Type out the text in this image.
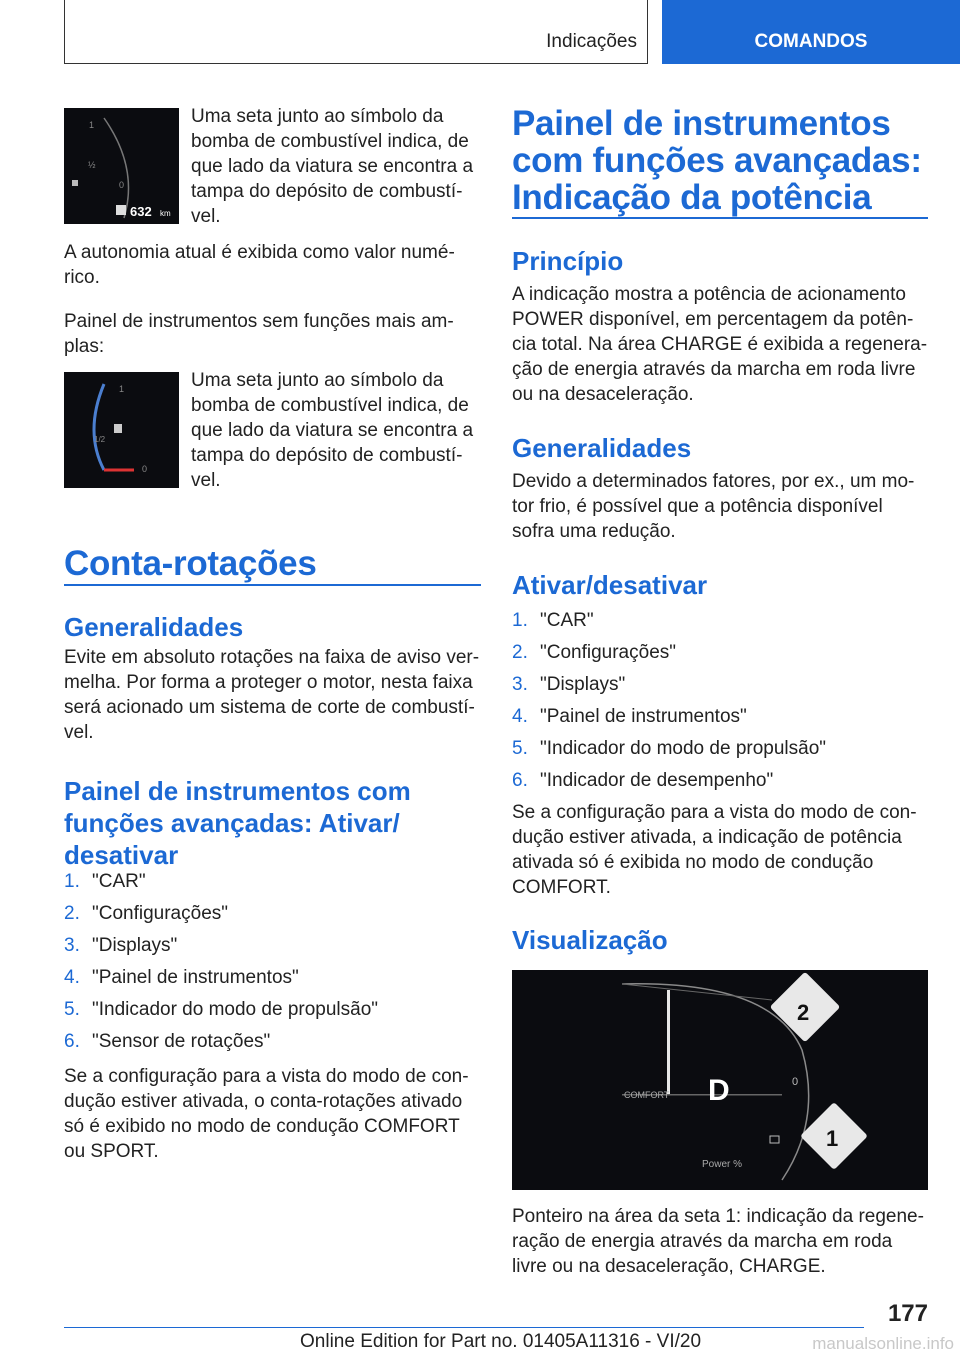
Indicações	COMANDOS
1
½
0
632 km

Uma seta junto ao símbolo da bomba de combustível indica, de que lado da viatura se encontra a tampa do depósito de combustí-vel.

A autonomia atual é exibida como valor numé-rico.

Painel de instrumentos sem funções mais am-plas:

1
1/2
0

Uma seta junto ao símbolo da bomba de combustível indica, de que lado da viatura se encontra a tampa do depósito de combustí-vel.

Conta-rotações
Generalidades

Evite em absoluto rotações na faixa de aviso ver-melha. Por forma a proteger o motor, nesta faixa será acionado um sistema de corte de combustí-vel.

Painel de instrumentos com
funções avançadas: Ativar/
desativar
1. "CAR"
2. "Configurações"
3. "Displays"
4. "Painel de instrumentos"
5. "Indicador do modo de propulsão"
6. "Sensor de rotações"

Se a configuração para a vista do modo de con-dução estiver ativada, o conta-rotações ativado só é exibido no modo de condução COMFORT ou SPORT.

Painel de instrumentos
com funções avançadas:
Indicação da potência
Princípio

A indicação mostra a potência de acionamento POWER disponível, em percentagem da potên-cia total. Na área CHARGE é exibida a regenera-ção de energia através da marcha em roda livre ou na desaceleração.

Generalidades

Devido a determinados fatores, por ex., um mo-tor frio, é possível que a potência disponível sofra uma redução.

Ativar/desativar
1. "CAR"
2. "Configurações"
3. "Displays"
4. "Painel de instrumentos"
5. "Indicador do modo de propulsão"
6. "Indicador de desempenho"

Se a configuração para a vista do modo de con-dução estiver ativada, a indicação de potência ativada só é exibida no modo de condução COMFORT.

Visualização
COMFORT D
Power %
0
2
1

Ponteiro na área da seta 1: indicação da regene-ração de energia através da marcha em roda livre ou na desaceleração, CHARGE.

177
Online Edition for Part no. 01405A11316 - VI/20	manualsonline.info
